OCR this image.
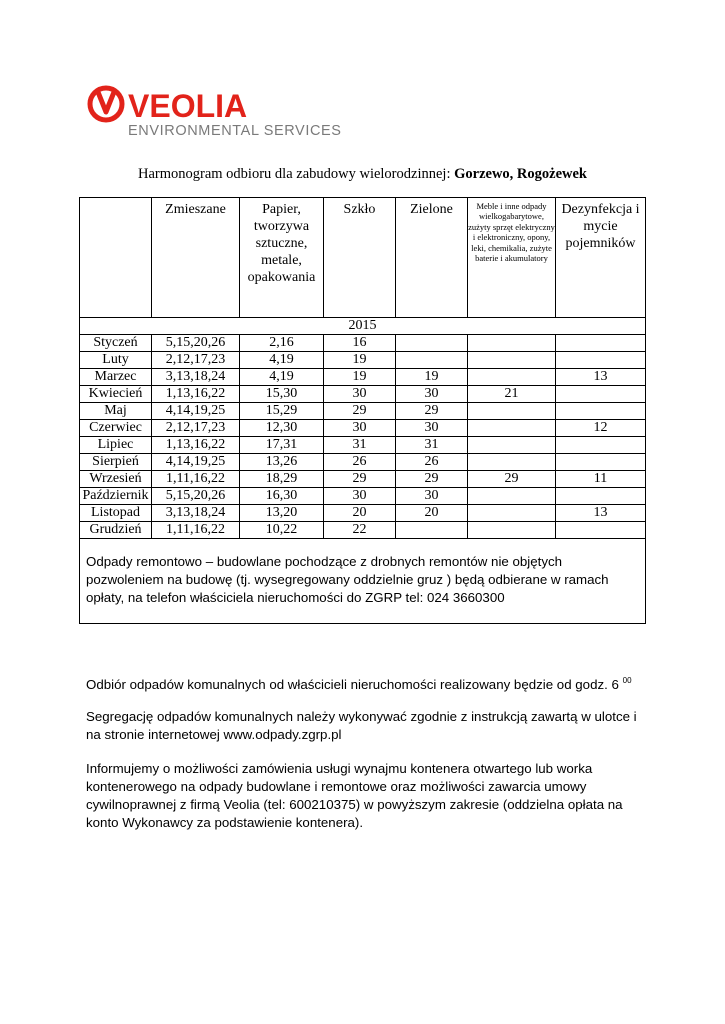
VEOLIA
ENVIRONMENTAL SERVICES
Harmonogram odbioru dla zabudowy wielorodzinnej: Gorzewo, Rogożewek
	Zmieszane	Papier, tworzywa sztuczne, metale, opakowania	Szkło	Zielone	Meble i inne odpady wielkogabarytowe, zużyty sprzęt elektryczny i elektroniczny, opony, leki, chemikalia, zużyte baterie i akumulatory	Dezynfekcja i mycie pojemników
2015						
Styczeń	5,15,20,26	2,16	16			
Luty	2,12,17,23	4,19	19			
Marzec	3,13,18,24	4,19	19	19		13
Kwiecień	1,13,16,22	15,30	30	30	21	
Maj	4,14,19,25	15,29	29	29		
Czerwiec	2,12,17,23	12,30	30	30		12
Lipiec	1,13,16,22	17,31	31	31		
Sierpień	4,14,19,25	13,26	26	26		
Wrzesień	1,11,16,22	18,29	29	29	29	11
Październik	5,15,20,26	16,30	30	30		
Listopad	3,13,18,24	13,20	20	20		13
Grudzień	1,11,16,22	10,22	22			
Odpady remontowo – budowlane pochodzące z drobnych remontów nie objętych pozwoleniem na budowę (tj. wysegregowany oddzielnie gruz ) będą odbierane w ramach opłaty, na telefon właściciela nieruchomości do ZGRP tel: 024 3660300						
Odbiór odpadów komunalnych od właścicieli nieruchomości realizowany będzie od godz. 6 $^{00}$
Segregację odpadów komunalnych należy wykonywać zgodnie z instrukcją zawartą w ulotce i na stronie internetowej www.odpady.zgrp.pl
Informujemy o możliwości zamówienia usługi wynajmu kontenera otwartego lub worka kontenerowego na odpady budowlane i remontowe oraz możliwości zawarcia umowy cywilnoprawnej z firmą Veolia (tel: 600210375) w powyższym zakresie (oddzielna opłata na konto Wykonawcy za podstawienie kontenera).
